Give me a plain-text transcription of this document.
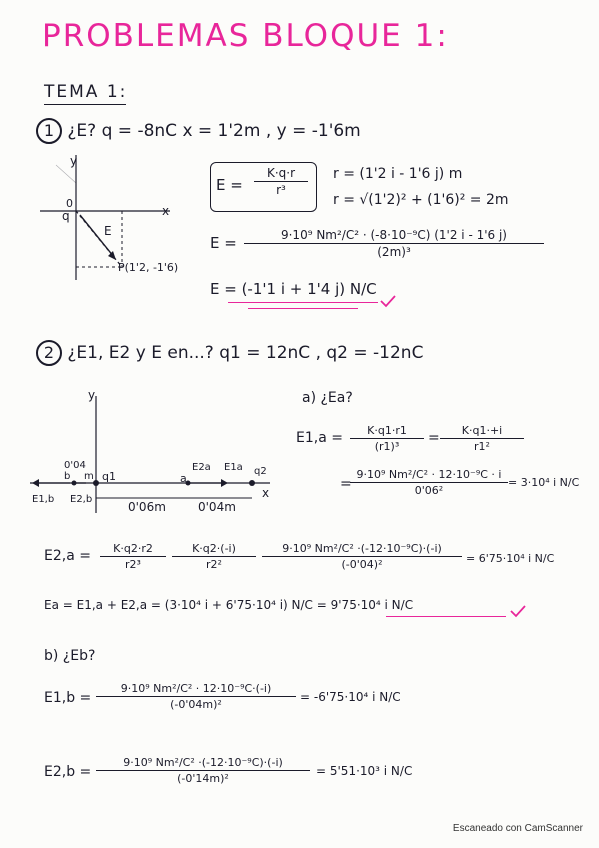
PROBLEMAS BLOQUE 1:
TEMA 1:
1 ¿E? q = -8nC x = 1'2m , y = -1'6m
y
x
0
q
E
P(1'2, -1'6)
E =
K·q·r
r³
r = (1'2 i - 1'6 j) m
r = √(1'2)² + (1'6)² = 2m
E =	9·10⁹ Nm²/C² · (-8·10⁻⁹C) (1'2 i - 1'6 j)
(2m)³
E = (-1'1 i + 1'4 j) N/C
2 ¿E1, E2 y E en...? q1 = 12nC , q2 = -12nC
y
x
0'04
b m q1	a
E2a E1a q2
E1,b E2,b
0'06m	0'04m
a) ¿Ea?
E1,a =	K·q1·r1
(r1)³
=	K·q1·+i
r1²
=
9·10⁹ Nm²/C² · 12·10⁻⁹C · i
0'06²
= 3·10⁴ i N/C
E2,a =	K·q2·r2
r2³
K·q2·(-i)
r2²
9·10⁹ Nm²/C² ·(-12·10⁻⁹C)·(-i)
(-0'04)²	= 6'75·10⁴ i N/C
Ea = E1,a + E2,a = (3·10⁴ i + 6'75·10⁴ i) N/C = 9'75·10⁴ i N/C
b) ¿Eb?
E1,b =
9·10⁹ Nm²/C² · 12·10⁻⁹C·(-i)
(-0'04m)²
= -6'75·10⁴ i N/C
E2,b =
9·10⁹ Nm²/C² ·(-12·10⁻⁹C)·(-i)
(-0'14m)²
= 5'51·10³ i N/C
Escaneado con CamScanner
